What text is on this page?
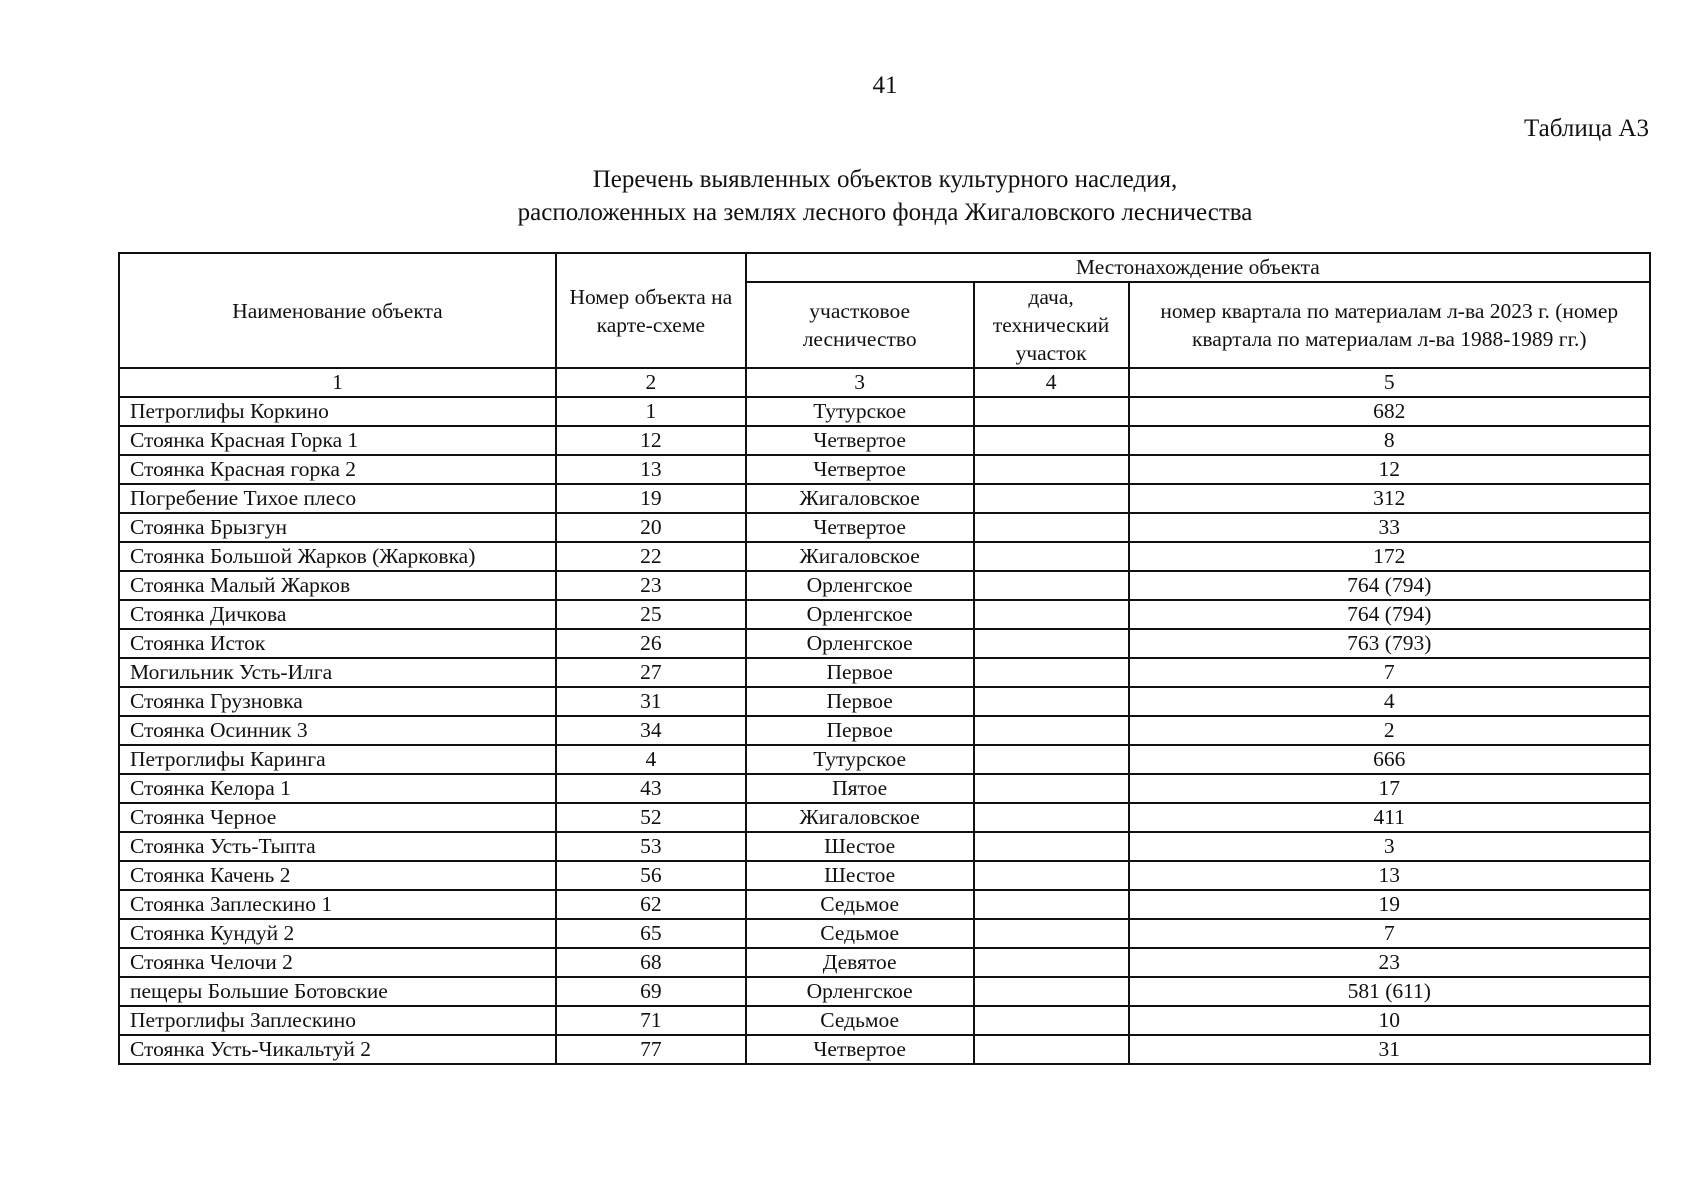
41
Таблица А3
Перечень выявленных объектов культурного наследия,
расположенных на землях лесного фонда Жигаловского лесничества
Наименование объекта	Номер объекта на карте-схеме	Местонахождение объекта		
		участковое лесничество	дача, технический участок	номер квартала по материалам л-ва 2023 г. (номер квартала по материалам л-ва 1988-1989 гг.)
1	2	3	4	5
Петроглифы Коркино	1	Тутурское		682
Стоянка Красная Горка 1	12	Четвертое		8
Стоянка Красная горка 2	13	Четвертое		12
Погребение Тихое плесо	19	Жигаловское		312
Стоянка Брызгун	20	Четвертое		33
Стоянка Большой Жарков (Жарковка)	22	Жигаловское		172
Стоянка Малый Жарков	23	Орленгское		764 (794)
Стоянка Дичкова	25	Орленгское		764 (794)
Стоянка Исток	26	Орленгское		763 (793)
Могильник Усть-Илга	27	Первое		7
Стоянка Грузновка	31	Первое		4
Стоянка Осинник 3	34	Первое		2
Петроглифы Каринга	4	Тутурское		666
Стоянка Келора 1	43	Пятое		17
Стоянка Черное	52	Жигаловское		411
Стоянка Усть-Тыпта	53	Шестое		3
Стоянка Качень 2	56	Шестое		13
Стоянка Заплескино 1	62	Седьмое		19
Стоянка Кундуй 2	65	Седьмое		7
Стоянка Челочи 2	68	Девятое		23
пещеры Большие Ботовские	69	Орленгское		581 (611)
Петроглифы Заплескино	71	Седьмое		10
Стоянка Усть-Чикальтуй 2	77	Четвертое		31
